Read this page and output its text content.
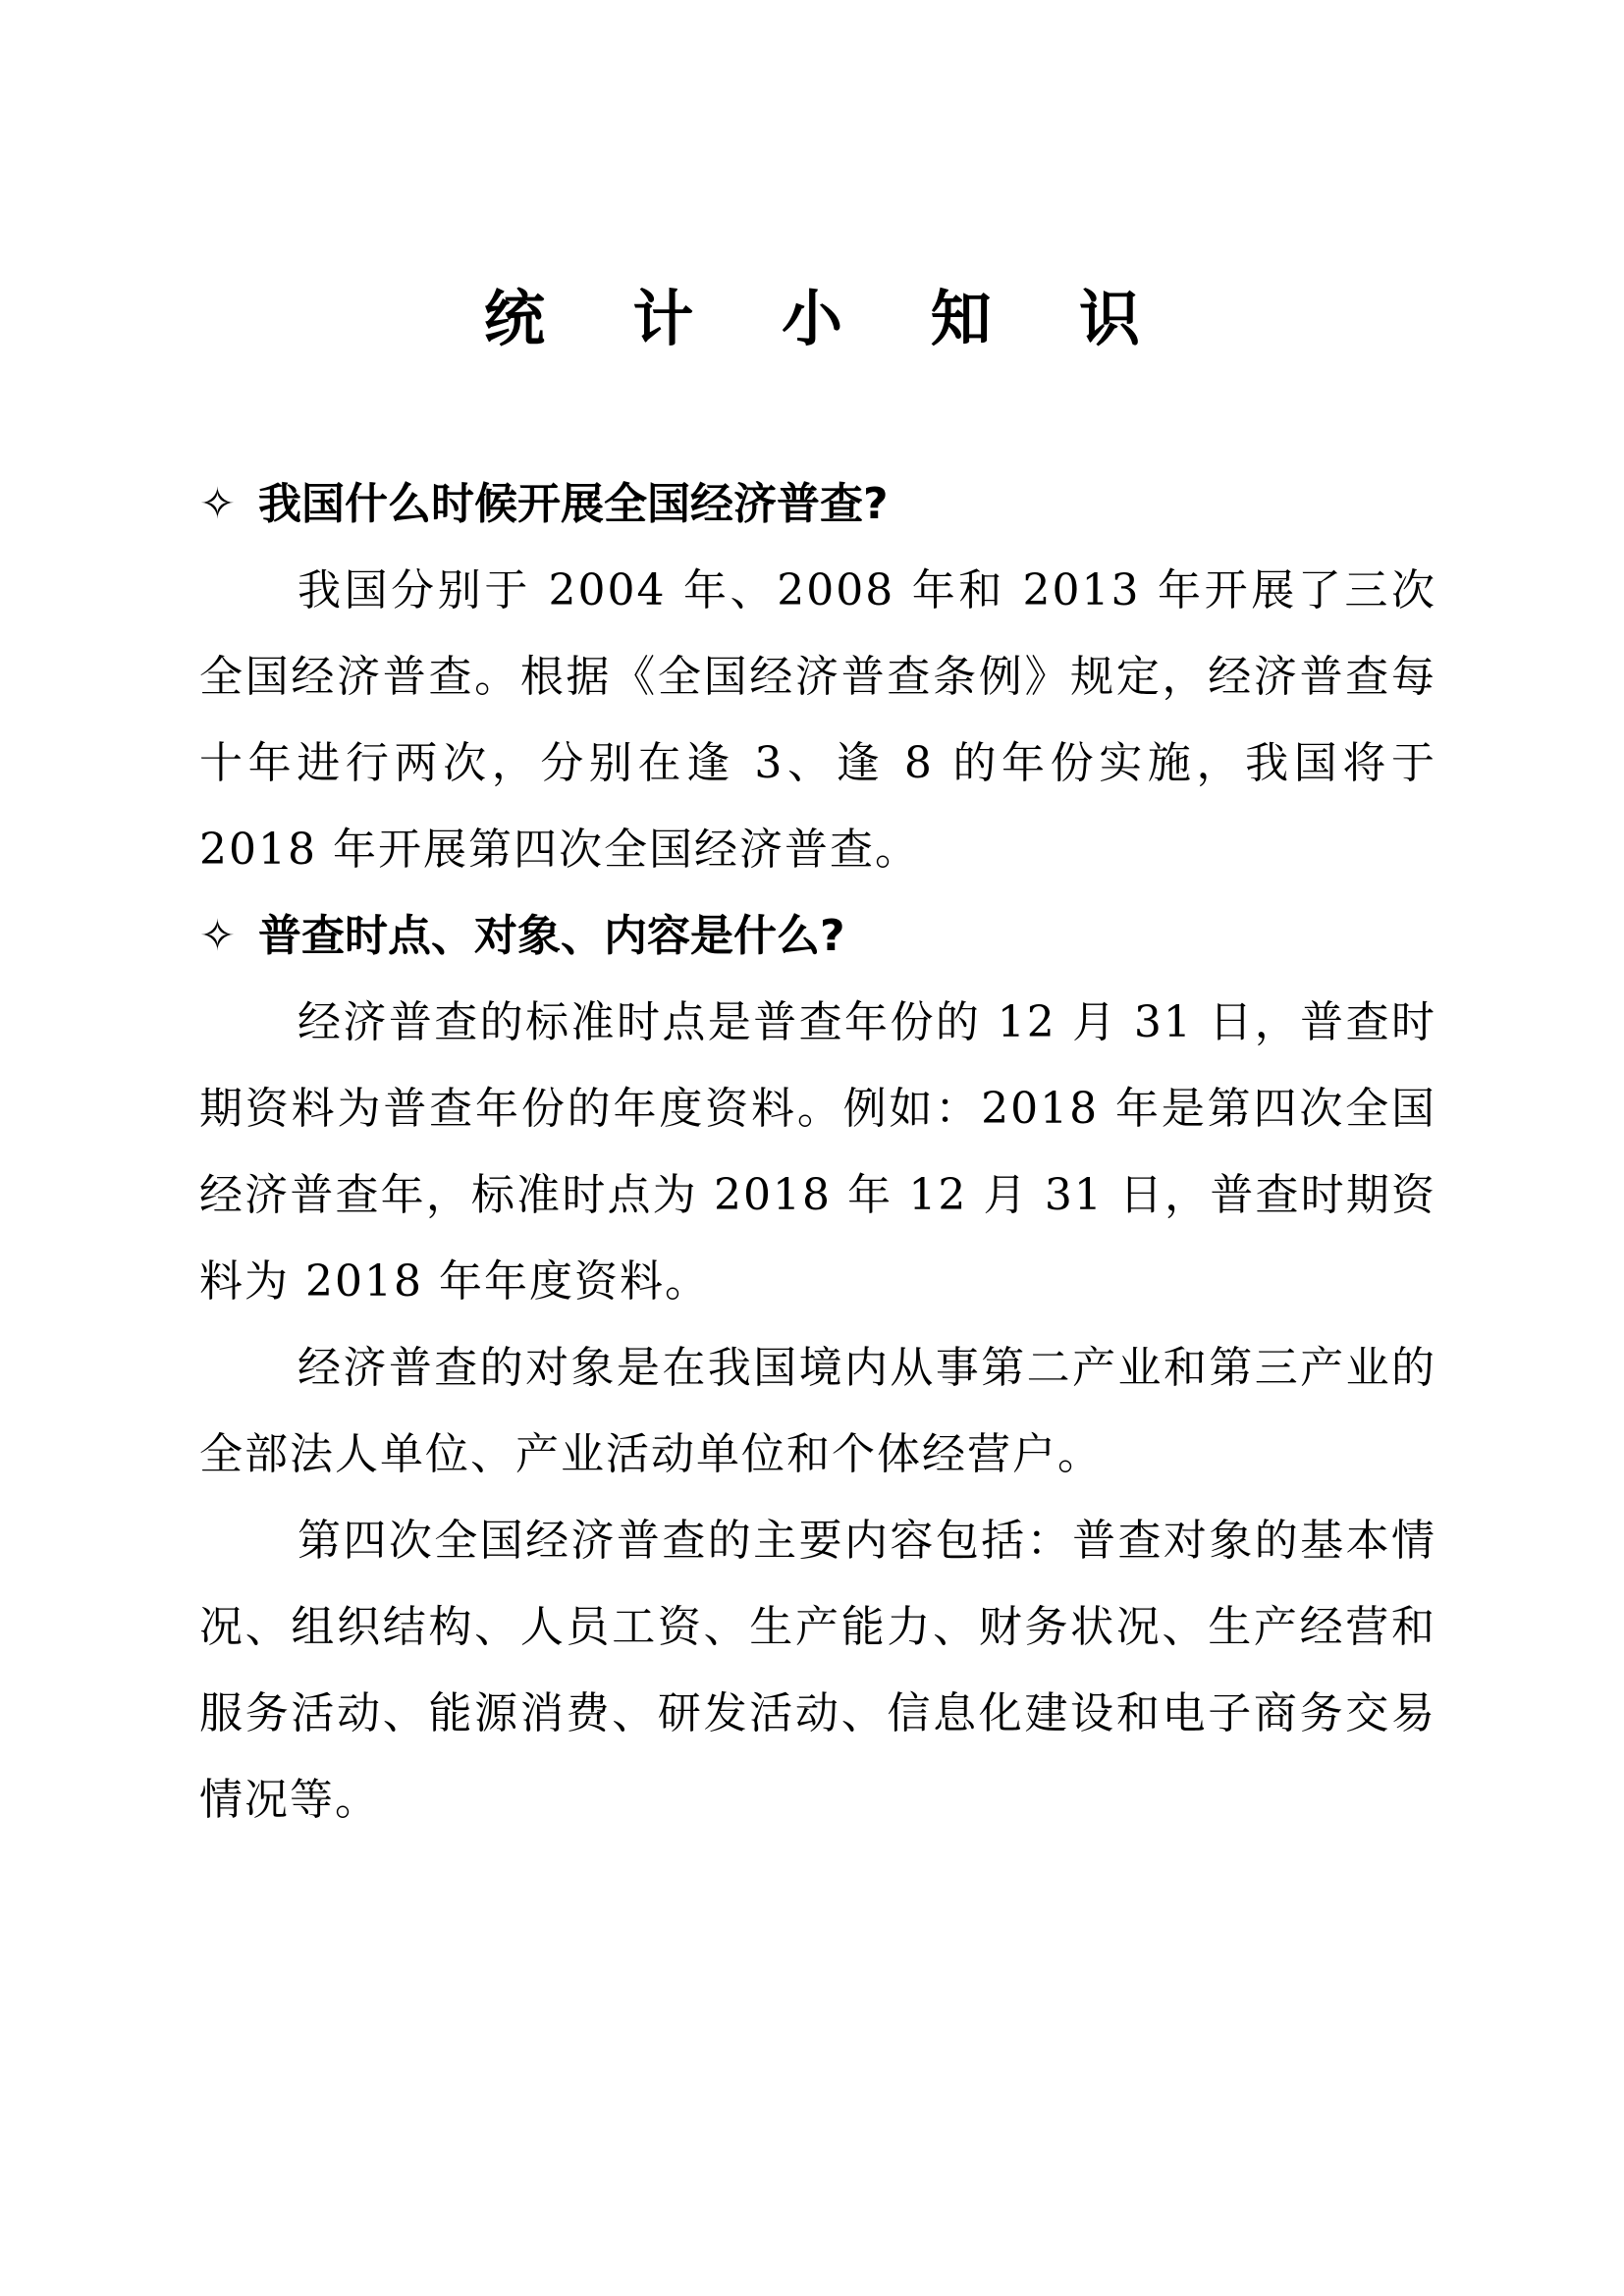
统 计 小 知 识
✧ 我国什么时候开展全国经济普查?

我国分别于 2004 年、2008 年和 2013 年开展了三次全国经济普查。根据《全国经济普查条例》规定，经济普查每十年进行两次，分别在逢 3、逢 8 的年份实施，我国将于 2018 年开展第四次全国经济普查。

✧ 普查时点、对象、内容是什么?

经济普查的标准时点是普查年份的 12 月 31 日，普查时期资料为普查年份的年度资料。例如：2018 年是第四次全国经济普查年，标准时点为 2018 年 12 月 31 日，普查时期资料为 2018 年年度资料。

经济普查的对象是在我国境内从事第二产业和第三产业的全部法人单位、产业活动单位和个体经营户。

第四次全国经济普查的主要内容包括：普查对象的基本情况、组织结构、人员工资、生产能力、财务状况、生产经营和服务活动、能源消费、研发活动、信息化建设和电子商务交易情况等。
